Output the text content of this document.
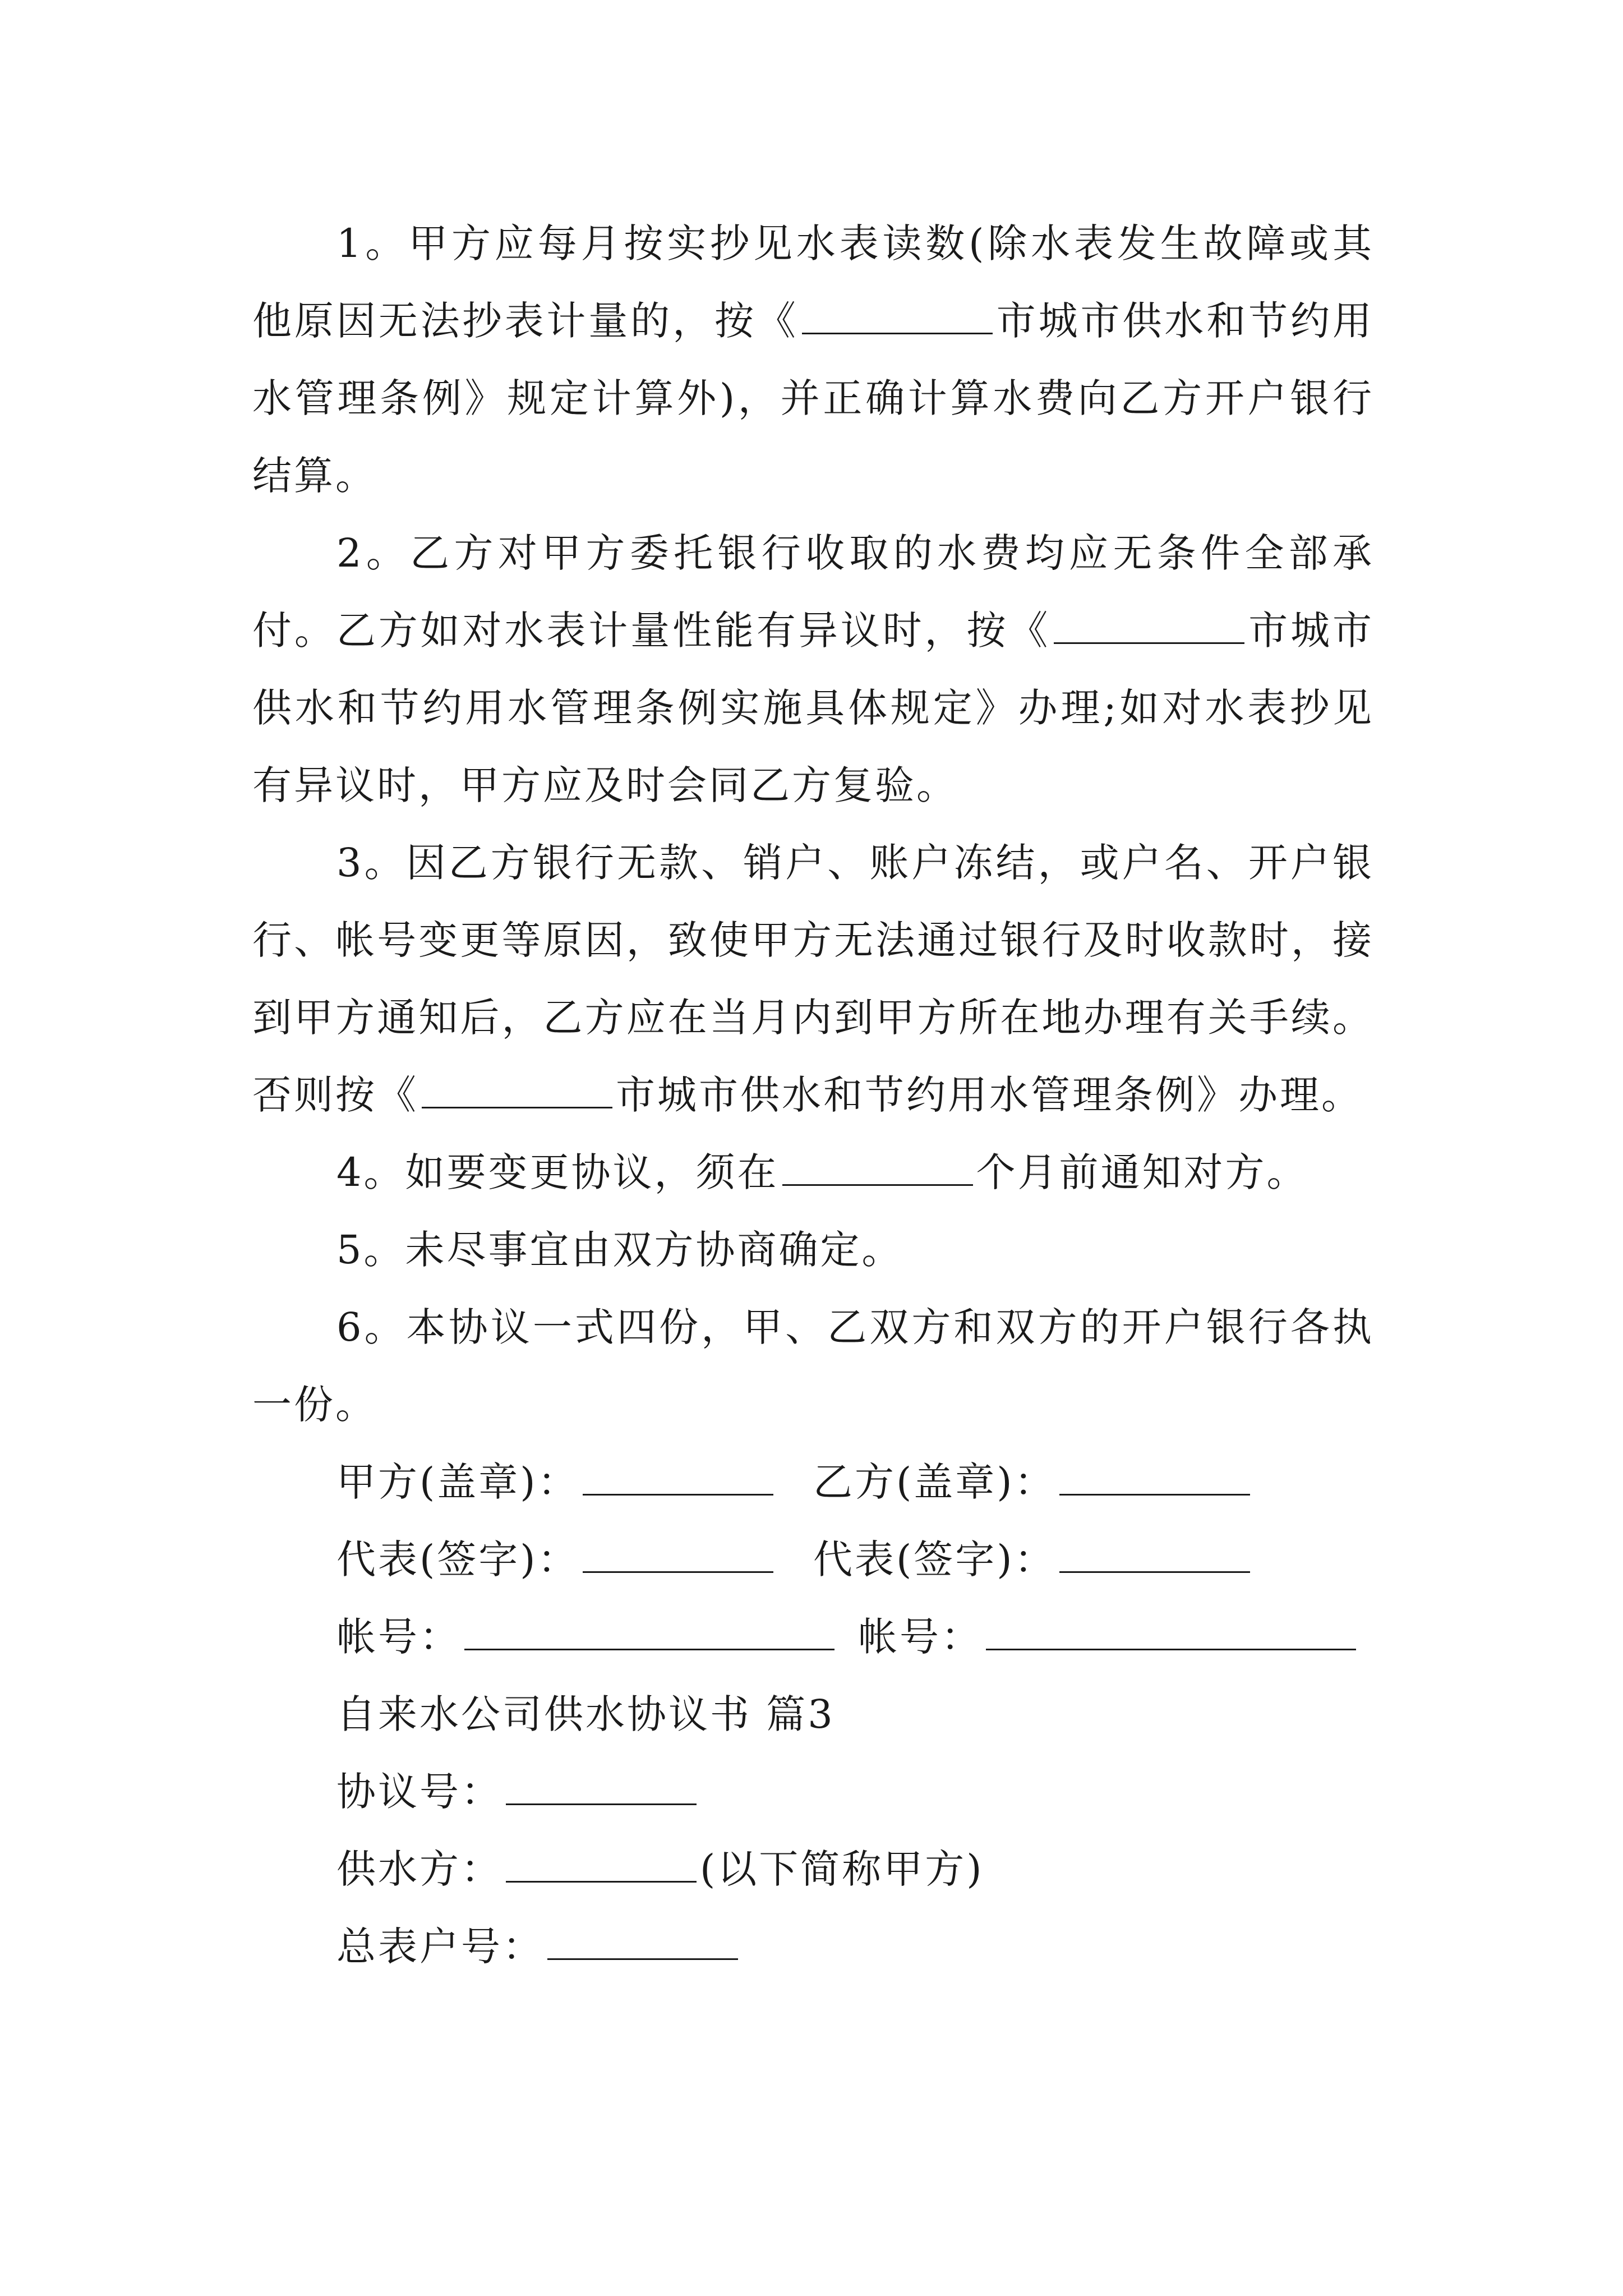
1。甲方应每月按实抄见水表读数(除水表发生故障或其他原因无法抄表计量的，按《	市城市供水和节约用水管理条例》规定计算外)，并正确计算水费向乙方开户银行结算。

2。乙方对甲方委托银行收取的水费均应无条件全部承付。乙方如对水表计量性能有异议时，按《	市城市供水和节约用水管理条例实施具体规定》办理;如对水表抄见有异议时，甲方应及时会同乙方复验。

3。因乙方银行无款、销户、账户冻结，或户名、开户银行、帐号变更等原因，致使甲方无法通过银行及时收款时，接到甲方通知后，乙方应在当月内到甲方所在地办理有关手续。否则按《	市城市供水和节约用水管理条例》办理。

4。如要变更协议，须在	个月前通知对方。

5。未尽事宜由双方协商确定。

6。本协议一式四份，甲、乙双方和双方的开户银行各执一份。

甲方(盖章)：	乙方(盖章)：

代表(签字)：	代表(签字)：

帐号：	帐号：

自来水公司供水协议书 篇3

协议号：

供水方：	(以下简称甲方)

总表户号：
